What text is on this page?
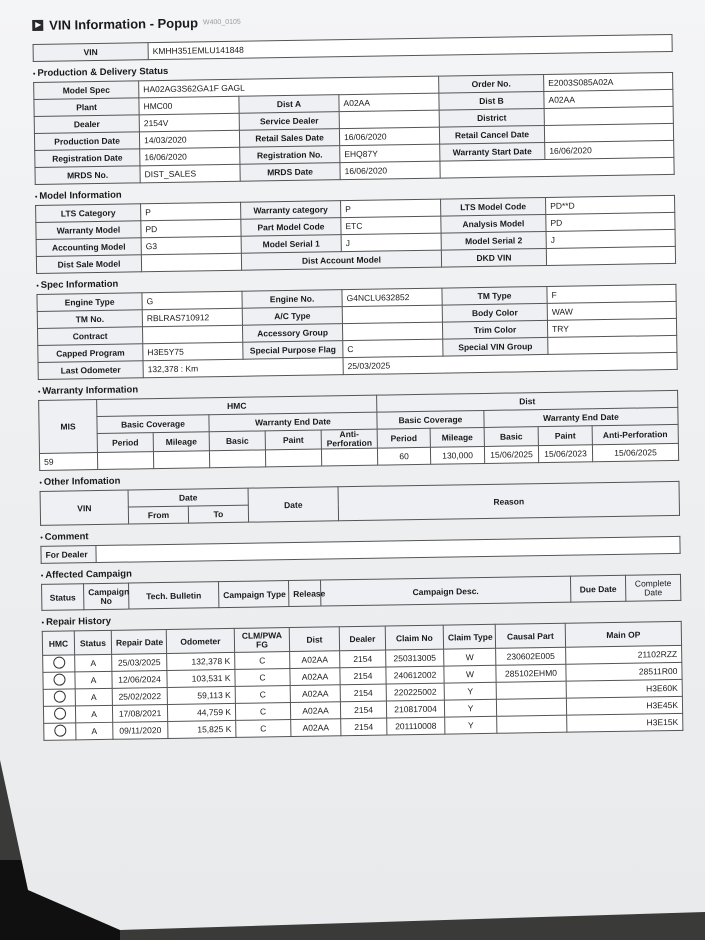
VIN Information - Popup W400_0105
VIN	KMHH351EMLU141848
• Production & Delivery Status
Model Spec	HA02AG3S62GA1F GAGL			Order No.	E2003S085A02A
Plant	HMC00	Dist A	A02AA	Dist B	A02AA
Dealer	2154V	Service Dealer		District	
Production Date	14/03/2020	Retail Sales Date	16/06/2020	Retail Cancel Date	
Registration Date	16/06/2020	Registration No.	EHQ87Y	Warranty Start Date	16/06/2020
MRDS No.	DIST_SALES	MRDS Date	16/06/2020		
• Model Information
LTS Category	P	Warranty category	P	LTS Model Code	PD**D
Warranty Model	PD	Part Model Code	ETC	Analysis Model	PD
Accounting Model	G3	Model Serial 1	J	Model Serial 2	J
Dist Sale Model		Dist Account Model		DKD VIN	
• Spec Information
Engine Type	G	Engine No.	G4NCLU632852	TM Type	F
TM No.	RBLRAS710912	A/C Type		Body Color	WAW
Contract		Accessory Group		Trim Color	TRY
Capped Program	H3E5Y75	Special Purpose Flag	C	Special VIN Group	
Last Odometer	132,378 : Km		25/03/2025		
• Warranty Information
MIS	HMC					Dist				
	Basic Coverage		Warranty End Date			Basic Coverage		Warranty End Date		
	Period	Mileage	Basic	Paint	Anti-Perforation	Period	Mileage	Basic	Paint	Anti-Perforation
59						60	130,000	15/06/2025	15/06/2023	15/06/2025
• Other Infomation
VIN	Date		Date	Reason
	From	To		
• Comment
For Dealer	
• Affected Campaign
Status	Campaign No	Tech. Bulletin	Campaign Type	Release	Campaign Desc.	Due Date	Complete Date
• Repair History
HMC	Status	Repair Date	Odometer	CLM/PWA FG	Dist	Dealer	Claim No	Claim Type	Causal Part	Main OP
	A	25/03/2025	132,378 K	C	A02AA	2154	250313005	W	230602E005	21102RZZ
	A	12/06/2024	103,531 K	C	A02AA	2154	240612002	W	285102EHM0	28511R00
	A	25/02/2022	59,113 K	C	A02AA	2154	220225002	Y		H3E60K
	A	17/08/2021	44,759 K	C	A02AA	2154	210817004	Y		H3E45K
	A	09/11/2020	15,825 K	C	A02AA	2154	201110008	Y		H3E15K
